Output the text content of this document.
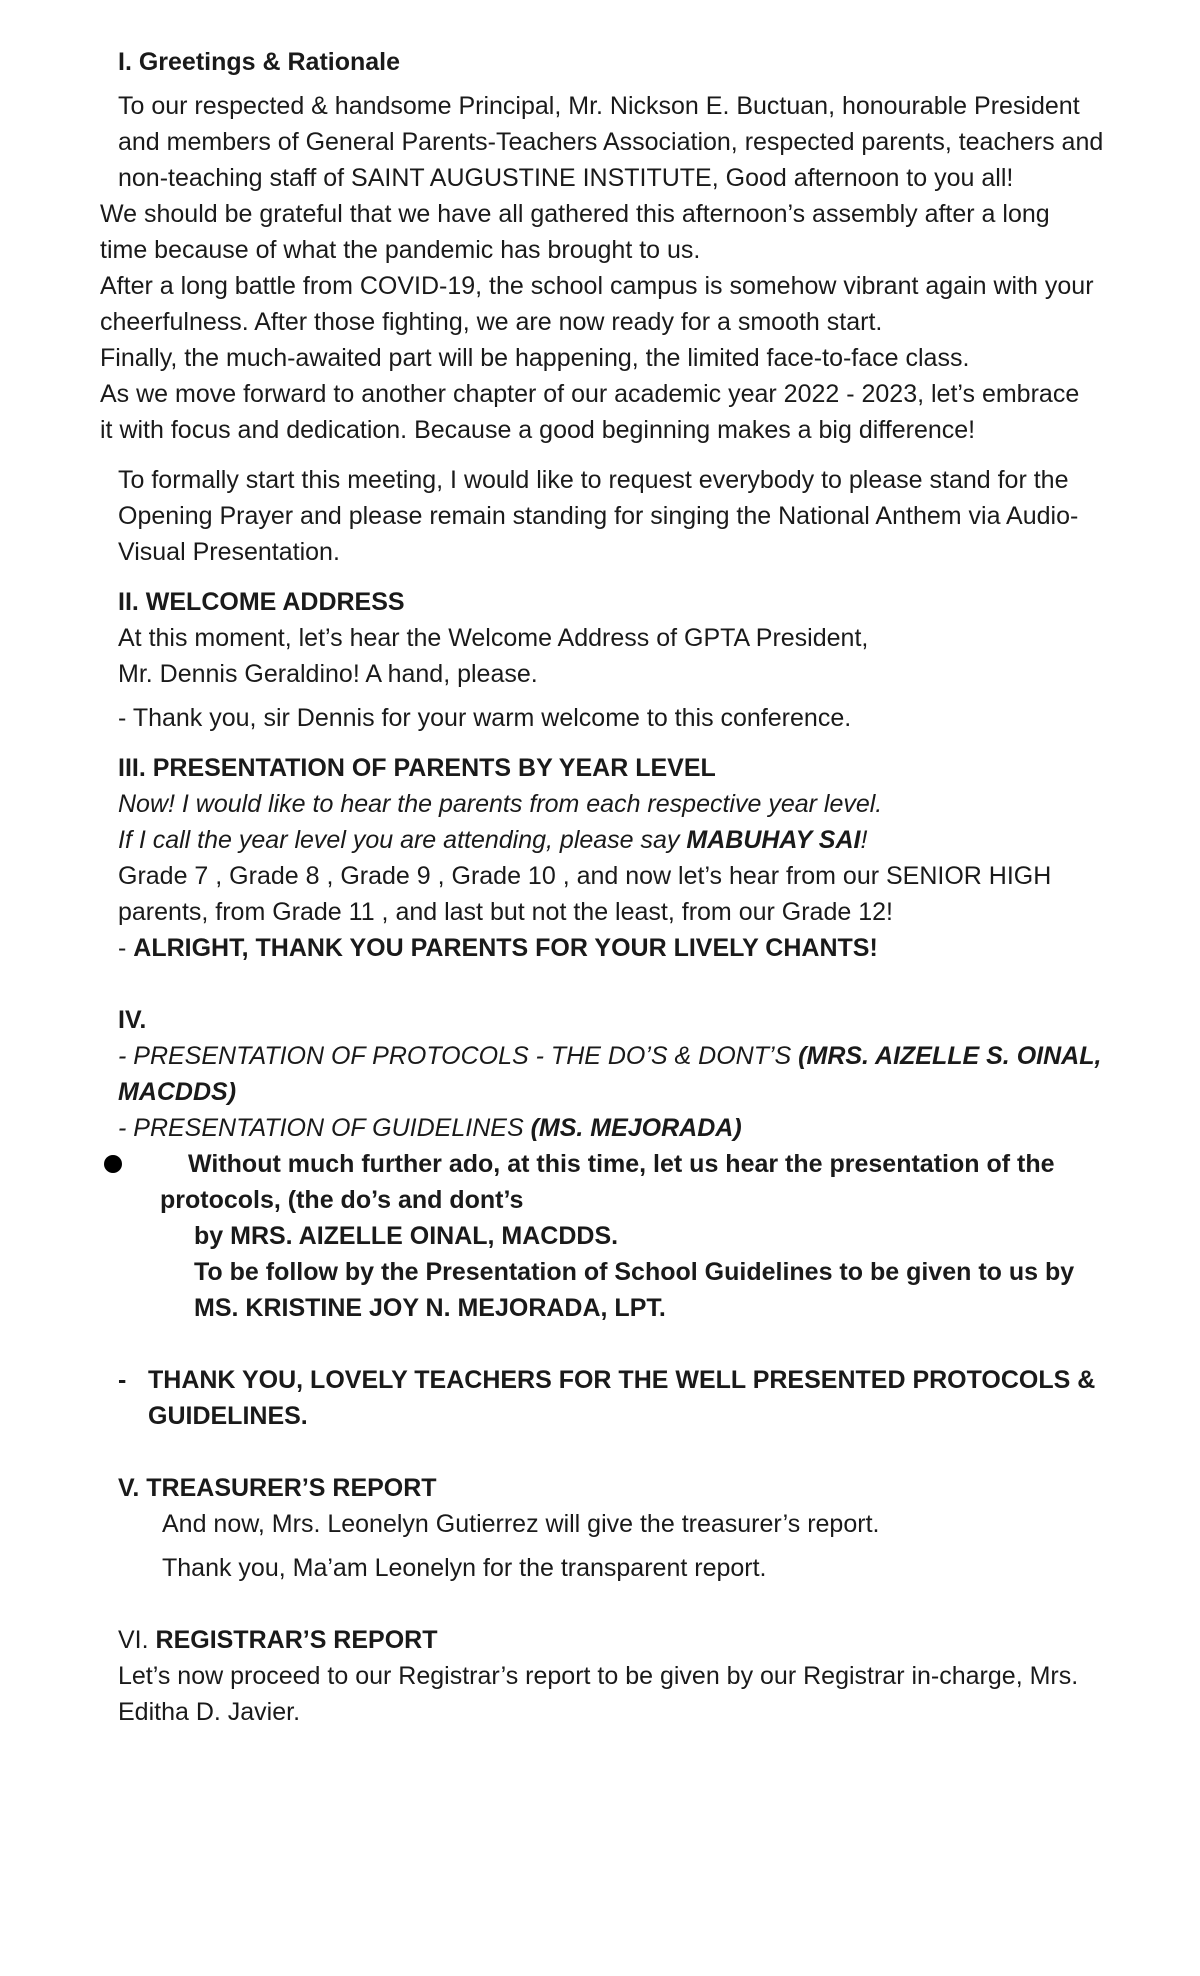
I. Greetings & Rationale

To our respected & handsome Principal, Mr. Nickson E. Buctuan, honourable President

and members of General Parents-Teachers Association, respected parents, teachers and

non-teaching staff of SAINT AUGUSTINE INSTITUTE, Good afternoon to you all!

We should be grateful that we have all gathered this afternoon’s assembly after a long

time because of what the pandemic has brought to us.

After a long battle from COVID-19, the school campus is somehow vibrant again with your

cheerfulness. After those fighting, we are now ready for a smooth start.

Finally, the much-awaited part will be happening, the limited face-to-face class.

As we move forward to another chapter of our academic year 2022 - 2023, let’s embrace

it with focus and dedication. Because a good beginning makes a big difference!

To formally start this meeting, I would like to request everybody to please stand for the

Opening Prayer and please remain standing for singing the National Anthem via Audio-

Visual Presentation.

II. WELCOME ADDRESS

At this moment, let’s hear the Welcome Address of GPTA President,

Mr. Dennis Geraldino! A hand, please.

- Thank you, sir Dennis for your warm welcome to this conference.

III. PRESENTATION OF PARENTS BY YEAR LEVEL

Now! I would like to hear the parents from each respective year level.

If I call the year level you are attending, please say MABUHAY SAI!

Grade 7 , Grade 8 , Grade 9 , Grade 10 , and now let’s hear from our SENIOR HIGH

parents, from Grade 11 , and last but not the least, from our Grade 12!

- ALRIGHT, THANK YOU PARENTS FOR YOUR LIVELY CHANTS!

IV.

- PRESENTATION OF PROTOCOLS - THE DO’S & DONT’S (MRS. AIZELLE S. OINAL,

MACDDS)

- PRESENTATION OF GUIDELINES (MS. MEJORADA)

Without much further ado, at this time, let us hear the presentation of the

protocols, (the do’s and dont’s

by MRS. AIZELLE OINAL, MACDDS.

To be follow by the Presentation of School Guidelines to be given to us by

MS. KRISTINE JOY N. MEJORADA, LPT.

- THANK YOU, LOVELY TEACHERS FOR THE WELL PRESENTED PROTOCOLS &

GUIDELINES.

V. TREASURER’S REPORT

And now, Mrs. Leonelyn Gutierrez will give the treasurer’s report.

Thank you, Ma’am Leonelyn for the transparent report.

VI. REGISTRAR’S REPORT

Let’s now proceed to our Registrar’s report to be given by our Registrar in-charge, Mrs.

Editha D. Javier.
